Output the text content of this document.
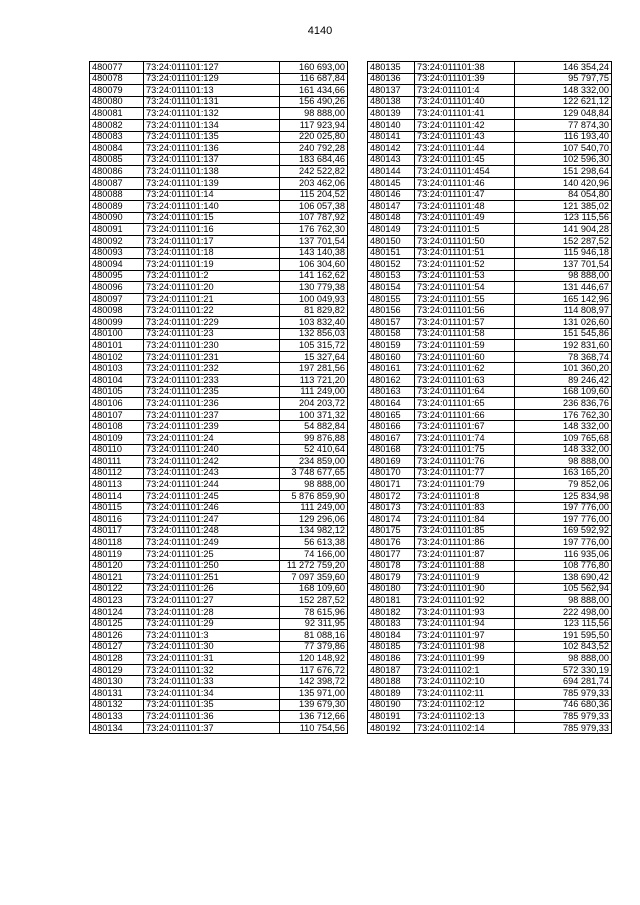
4140
480077	73:24:011101:127	160 693,00
480078	73:24:011101:129	116 687,84
480079	73:24:011101:13	161 434,66
480080	73:24:011101:131	156 490,26
480081	73:24:011101:132	98 888,00
480082	73:24:011101:134	117 923,94
480083	73:24:011101:135	220 025,80
480084	73:24:011101:136	240 792,28
480085	73:24:011101:137	183 684,46
480086	73:24:011101:138	242 522,82
480087	73:24:011101:139	203 462,06
480088	73:24:011101:14	115 204,52
480089	73:24:011101:140	106 057,38
480090	73:24:011101:15	107 787,92
480091	73:24:011101:16	176 762,30
480092	73:24:011101:17	137 701,54
480093	73:24:011101:18	143 140,38
480094	73:24:011101:19	106 304,60
480095	73:24:011101:2	141 162,62
480096	73:24:011101:20	130 779,38
480097	73:24:011101:21	100 049,93
480098	73:24:011101:22	81 829,82
480099	73:24:011101:229	103 832,40
480100	73:24:011101:23	132 856,03
480101	73:24:011101:230	105 315,72
480102	73:24:011101:231	15 327,64
480103	73:24:011101:232	197 281,56
480104	73:24:011101:233	113 721,20
480105	73:24:011101:235	111 249,00
480106	73:24:011101:236	204 203,72
480107	73:24:011101:237	100 371,32
480108	73:24:011101:239	54 882,84
480109	73:24:011101:24	99 876,88
480110	73:24:011101:240	52 410,64
480111	73:24:011101:242	234 859,00
480112	73:24:011101:243	3 748 677,65
480113	73:24:011101:244	98 888,00
480114	73:24:011101:245	5 876 859,90
480115	73:24:011101:246	111 249,00
480116	73:24:011101:247	129 296,06
480117	73:24:011101:248	134 982,12
480118	73:24:011101:249	56 613,38
480119	73:24:011101:25	74 166,00
480120	73:24:011101:250	11 272 759,20
480121	73:24:011101:251	7 097 359,60
480122	73:24:011101:26	168 109,60
480123	73:24:011101:27	152 287,52
480124	73:24:011101:28	78 615,96
480125	73:24:011101:29	92 311,95
480126	73:24:011101:3	81 088,16
480127	73:24:011101:30	77 379,86
480128	73:24:011101:31	120 148,92
480129	73:24:011101:32	117 676,72
480130	73:24:011101:33	142 398,72
480131	73:24:011101:34	135 971,00
480132	73:24:011101:35	139 679,30
480133	73:24:011101:36	136 712,66
480134	73:24:011101:37	110 754,56
480135	73:24:011101:38	146 354,24
480136	73:24:011101:39	95 797,75
480137	73:24:011101:4	148 332,00
480138	73:24:011101:40	122 621,12
480139	73:24:011101:41	129 048,84
480140	73:24:011101:42	77 874,30
480141	73:24:011101:43	116 193,40
480142	73:24:011101:44	107 540,70
480143	73:24:011101:45	102 596,30
480144	73:24:011101:454	151 298,64
480145	73:24:011101:46	140 420,96
480146	73:24:011101:47	84 054,80
480147	73:24:011101:48	121 385,02
480148	73:24:011101:49	123 115,56
480149	73:24:011101:5	141 904,28
480150	73:24:011101:50	152 287,52
480151	73:24:011101:51	115 946,18
480152	73:24:011101:52	137 701,54
480153	73:24:011101:53	98 888,00
480154	73:24:011101:54	131 446,67
480155	73:24:011101:55	165 142,96
480156	73:24:011101:56	114 808,97
480157	73:24:011101:57	131 026,60
480158	73:24:011101:58	151 545,86
480159	73:24:011101:59	192 831,60
480160	73:24:011101:60	78 368,74
480161	73:24:011101:62	101 360,20
480162	73:24:011101:63	89 246,42
480163	73:24:011101:64	168 109,60
480164	73:24:011101:65	236 836,76
480165	73:24:011101:66	176 762,30
480166	73:24:011101:67	148 332,00
480167	73:24:011101:74	109 765,68
480168	73:24:011101:75	148 332,00
480169	73:24:011101:76	98 888,00
480170	73:24:011101:77	163 165,20
480171	73:24:011101:79	79 852,06
480172	73:24:011101:8	125 834,98
480173	73:24:011101:83	197 776,00
480174	73:24:011101:84	197 776,00
480175	73:24:011101:85	169 592,92
480176	73:24:011101:86	197 776,00
480177	73:24:011101:87	116 935,06
480178	73:24:011101:88	108 776,80
480179	73:24:011101:9	138 690,42
480180	73:24:011101:90	105 562,94
480181	73:24:011101:92	98 888,00
480182	73:24:011101:93	222 498,00
480183	73:24:011101:94	123 115,56
480184	73:24:011101:97	191 595,50
480185	73:24:011101:98	102 843,52
480186	73:24:011101:99	98 888,00
480187	73:24:011102:1	572 330,19
480188	73:24:011102:10	694 281,74
480189	73:24:011102:11	785 979,33
480190	73:24:011102:12	746 680,36
480191	73:24:011102:13	785 979,33
480192	73:24:011102:14	785 979,33
